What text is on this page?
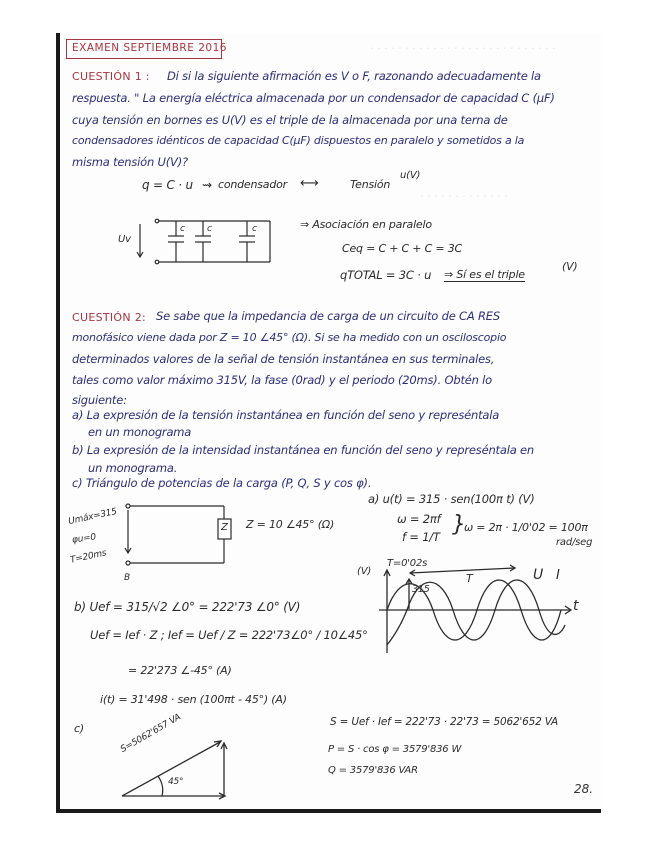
· · · · · · · · · · · · · · · · · · · · · · · · · · ·
· · · · · · · · · · · · ·
EXAMEN SEPTIEMBRE 2016
CUESTIÓN 1 : Di si la siguiente afirmación es V o F, razonando adecuadamente la
respuesta. " La energía eléctrica almacenada por un condensador de capacidad C (µF)
cuya tensión en bornes es U(V) es el triple de la almacenada por una terna de
condensadores idénticos de capacidad C(µF) dispuestos en paralelo y sometidos a la
misma tensión U(V)?
q = C · u ⇝ condensador ⟷	Tensión
u(V)
Uv
c c	c	⇒ Asociación en paralelo
Ceq = C + C + C = 3C
qTOTAL = 3C · u ⇒ Sí es el triple
(V)
CUESTIÓN 2: Se sabe que la impedancia de carga de un circuito de CA RES
monofásico viene dada por Z = 10 ∠45° (Ω). Si se ha medido con un osciloscopio
determinados valores de la señal de tensión instantánea en sus terminales,
tales como valor máximo 315V, la fase (0rad) y el periodo (20ms). Obtén lo
siguiente:
a) La expresión de la tensión instantánea en función del seno y represéntala
en un monograma
b) La expresión de la intensidad instantánea en función del seno y represéntala en
un monograma.
c) Triángulo de potencias de la carga (P, Q, S y cos φ).
Z
Umáx=315
φu=0
T=20ms
B
Z = 10 ∠45° (Ω)
a) u(t) = 315 · sen(100π t) (V)
ω = 2πf
f = 1/T }
ω = 2π · 1/0'02 = 100π
rad/seg
T=0'02s
(V)
t
315
T	U I
b) Uef = 315/√2 ∠0° = 222'73 ∠0° (V)
Uef = Ief · Z ; Ief = Uef / Z = 222'73∠0° / 10∠45°
= 22'273 ∠-45° (A)
i(t) = 31'498 · sen (100πt - 45°) (A)
c)	S=5062'657 VA
45°
S = Uef · Ief = 222'73 · 22'73 = 5062'652 VA
P = S · cos φ = 3579'836 W
Q = 3579'836 VAR
28.
